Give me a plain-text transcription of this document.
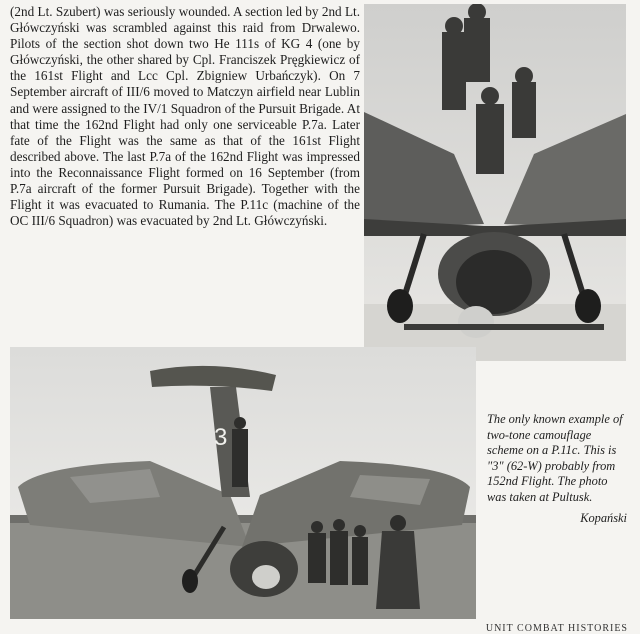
(2nd Lt. Szubert) was seriously wounded. A section led by 2nd Lt. Główczyński was scrambled against this raid from Drwalewo. Pilots of the section shot down two He 111s of KG 4 (one by Główczyński, the other shared by Cpl. Franciszek Pręgkiewicz of the 161st Flight and Lcc Cpl. Zbigniew Urbańczyk). On 7 September aircraft of III/6 moved to Matczyn airfield near Lublin and were assigned to the IV/1 Squadron of the Pursuit Brigade. At that time the 162nd Flight had only one serviceable P.7a. Later fate of the Flight was the same as that of the 161st Flight described above. The last P.7a of the 162nd Flight was impressed into the Reconnaissance Flight formed on 16 September (from P.7a aircraft of the former Pursuit Brigade). Together with the Flight it was evacuated to Rumania. The P.11c (machine of the OC III/6 Squadron) was evacuated by 2nd Lt. Główczyński.

3
The only known example of two-tone camouflage scheme on a P.11c. This is "3" (62-W) probably from 152nd Flight. The photo was taken at Pultusk.
Kopański
UNIT COMBAT HISTORIES
